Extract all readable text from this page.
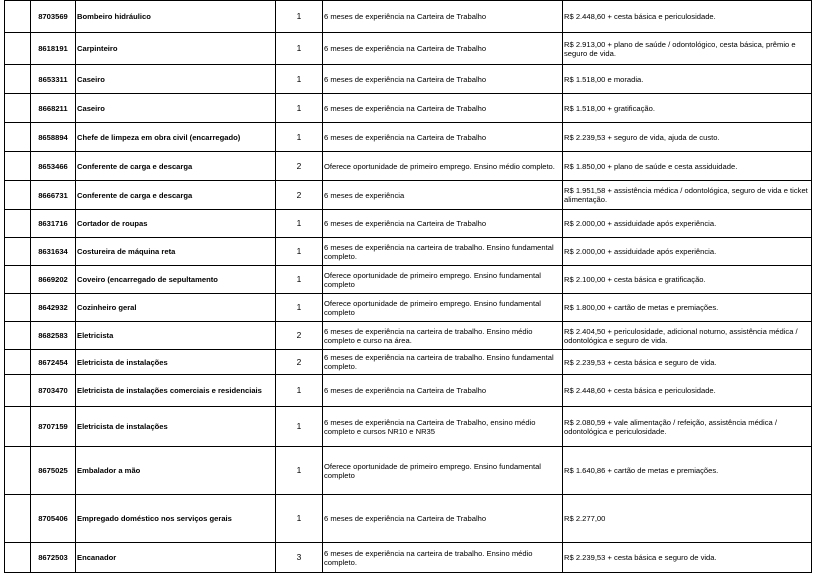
	8703569	Bombeiro hidráulico	1	6 meses de experiência na Carteira de Trabalho	R$ 2.448,60 + cesta básica e periculosidade.
	8618191	Carpinteiro	1	6 meses de experiência na Carteira de Trabalho	R$ 2.913,00 + plano de saúde / odontológico, cesta básica, prêmio e seguro de vida.
	8653311	Caseiro	1	6 meses de experiência na Carteira de Trabalho	R$ 1.518,00 e moradia.
	8668211	Caseiro	1	6 meses de experiência na Carteira de Trabalho	R$ 1.518,00 + gratificação.
	8658894	Chefe de limpeza em obra civil (encarregado)	1	6 meses de experiência na Carteira de Trabalho	R$ 2.239,53 + seguro de vida, ajuda de custo.
	8653466	Conferente de carga e descarga	2	Oferece oportunidade de primeiro emprego. Ensino médio completo.	R$ 1.850,00 + plano de saúde e cesta assiduidade.
	8666731	Conferente de carga e descarga	2	6 meses de experiência	R$ 1.951,58 + assistência médica / odontológica, seguro de vida e ticket alimentação.
	8631716	Cortador de roupas	1	6 meses de experiência na Carteira de Trabalho	R$ 2.000,00 + assiduidade após experiência.
	8631634	Costureira de máquina reta	1	6 meses de experiência na carteira de trabalho. Ensino fundamental completo.	R$ 2.000,00 + assiduidade após experiência.
	8669202	Coveiro (encarregado de sepultamento	1	Oferece oportunidade de primeiro emprego. Ensino fundamental completo	R$ 2.100,00 + cesta básica e gratificação.
	8642932	Cozinheiro geral	1	Oferece oportunidade de primeiro emprego. Ensino fundamental completo	R$ 1.800,00 + cartão de metas e premiações.
	8682583	Eletricista	2	6 meses de experiência na carteira de trabalho. Ensino médio completo e curso na área.	R$ 2.404,50 + periculosidade, adicional noturno, assistência médica / odontológica e seguro de vida.
	8672454	Eletricista de instalações	2	6 meses de experiência na carteira de trabalho. Ensino fundamental completo.	R$ 2.239,53 + cesta básica e seguro de vida.
	8703470	Eletricista de instalações comerciais e residenciais	1	6 meses de experiência na Carteira de Trabalho	R$ 2.448,60 + cesta básica e periculosidade.
	8707159	Eletricista de instalações	1	6 meses de experiência na Carteira de Trabalho, ensino médio completo e cursos NR10 e NR35	R$ 2.080,59 + vale alimentação / refeição, assistência médica / odontológica e periculosidade.
	8675025	Embalador a mão	1	Oferece oportunidade de primeiro emprego. Ensino fundamental completo	R$ 1.640,86 + cartão de metas e premiações.
	8705406	Empregado doméstico nos serviços gerais	1	6 meses de experiência na Carteira de Trabalho	R$ 2.277,00
	8672503	Encanador	3	6 meses de experiência na carteira de trabalho. Ensino médio completo.	R$ 2.239,53 + cesta básica e seguro de vida.
